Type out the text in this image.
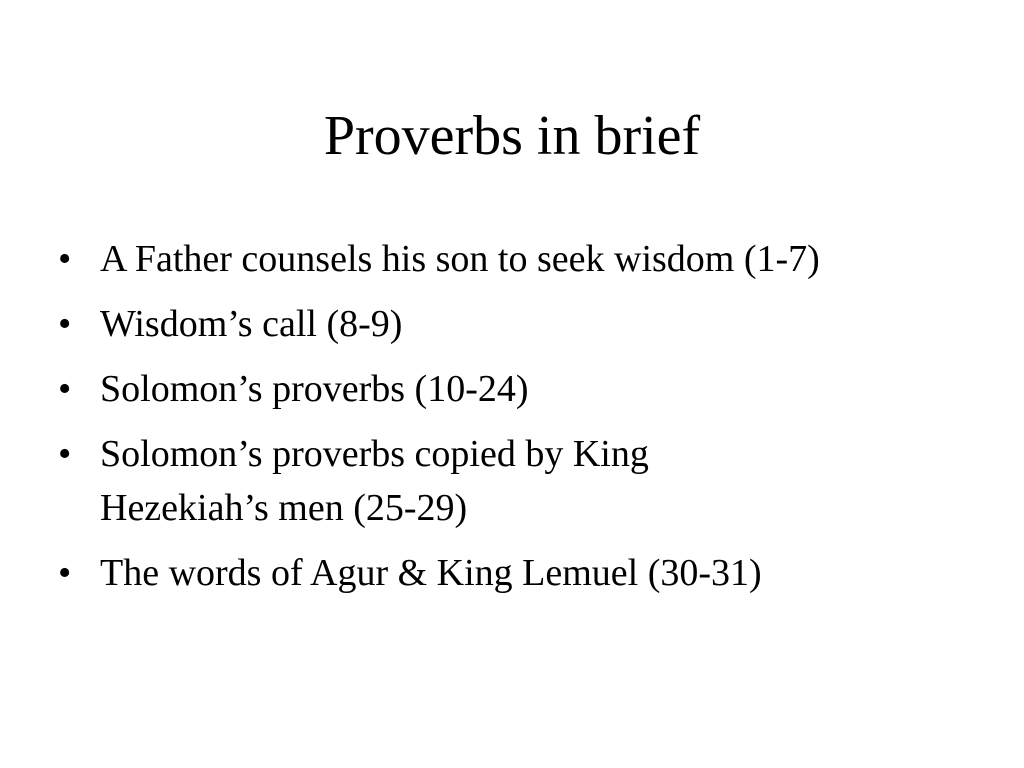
Proverbs in brief
• A Father counsels his son to seek wisdom (1-7)
• Wisdom’s call (8-9)
• Solomon’s proverbs (10-24)
• Solomon’s proverbs copied by King Hezekiah’s men (25-29)
• The words of Agur & King Lemuel (30-31)
